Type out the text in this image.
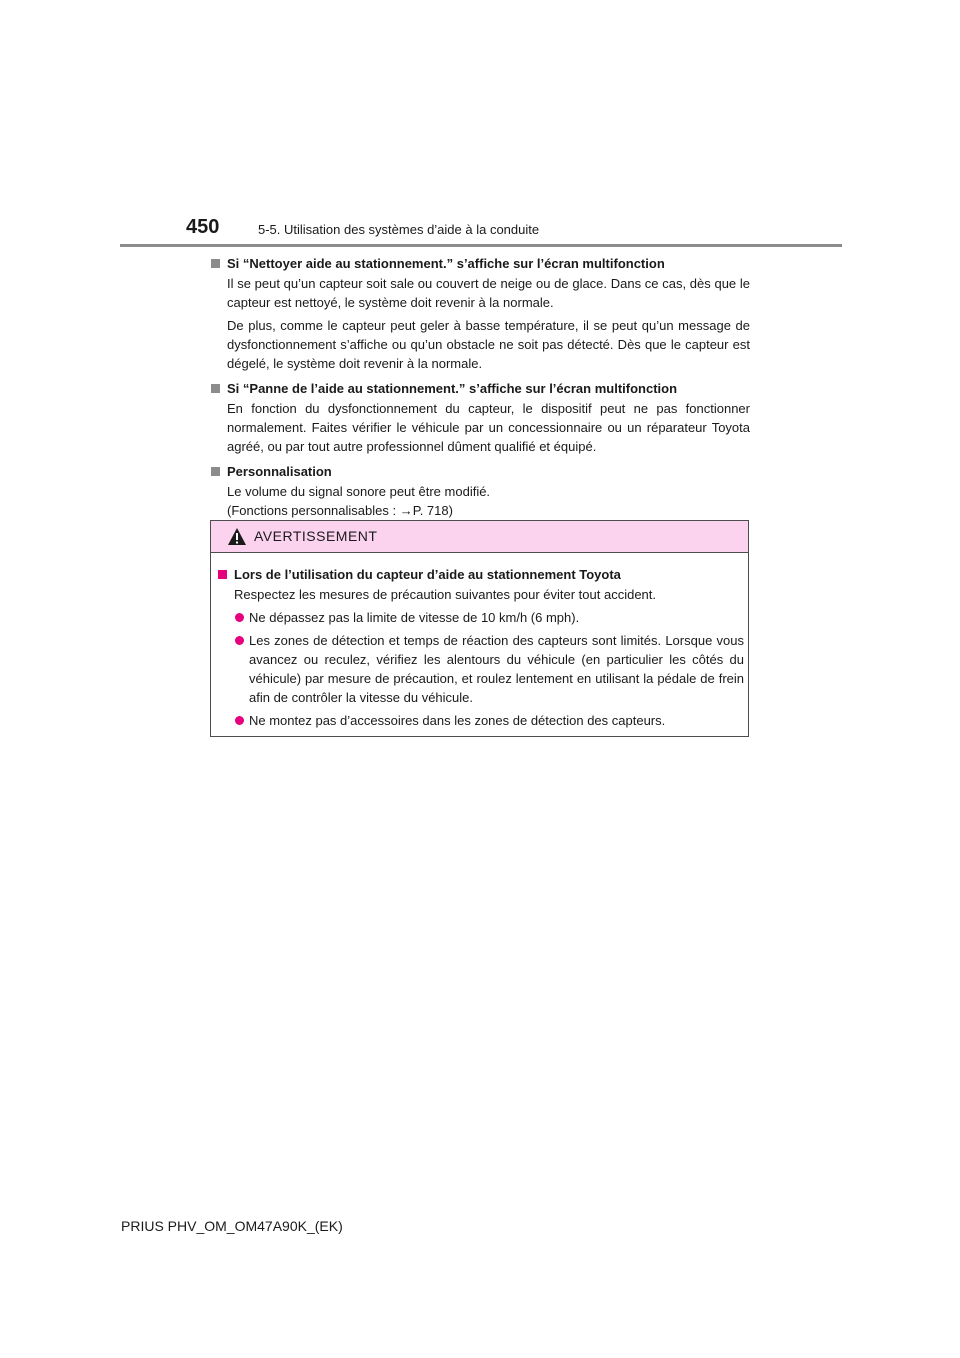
450	5-5. Utilisation des systèmes d’aide à la conduite
Si “Nettoyer aide au stationnement.” s’affiche sur l’écran multifonction

Il se peut qu’un capteur soit sale ou couvert de neige ou de glace. Dans ce cas, dès que le capteur est nettoyé, le système doit revenir à la normale.

De plus, comme le capteur peut geler à basse température, il se peut qu’un message de dysfonctionnement s’affiche ou qu’un obstacle ne soit pas détecté. Dès que le capteur est dégelé, le système doit revenir à la normale.

Si “Panne de l’aide au stationnement.” s’affiche sur l’écran multifonction

En fonction du dysfonctionnement du capteur, le dispositif peut ne pas fonctionner normalement. Faites vérifier le véhicule par un concessionnaire ou un réparateur Toyota agréé, ou par tout autre professionnel dûment qualifié et équipé.

Personnalisation

Le volume du signal sonore peut être modifié.

(Fonctions personnalisables : →P. 718)

AVERTISSEMENT
Lors de l’utilisation du capteur d’aide au stationnement Toyota

Respectez les mesures de précaution suivantes pour éviter tout accident.

Ne dépassez pas la limite de vitesse de 10 km/h (6 mph).
Les zones de détection et temps de réaction des capteurs sont limités. Lorsque vous avancez ou reculez, vérifiez les alentours du véhicule (en particulier les côtés du véhicule) par mesure de précaution, et roulez lentement en utilisant la pédale de frein afin de contrôler la vitesse du véhicule.
Ne montez pas d’accessoires dans les zones de détection des capteurs.
PRIUS PHV_OM_OM47A90K_(EK)
